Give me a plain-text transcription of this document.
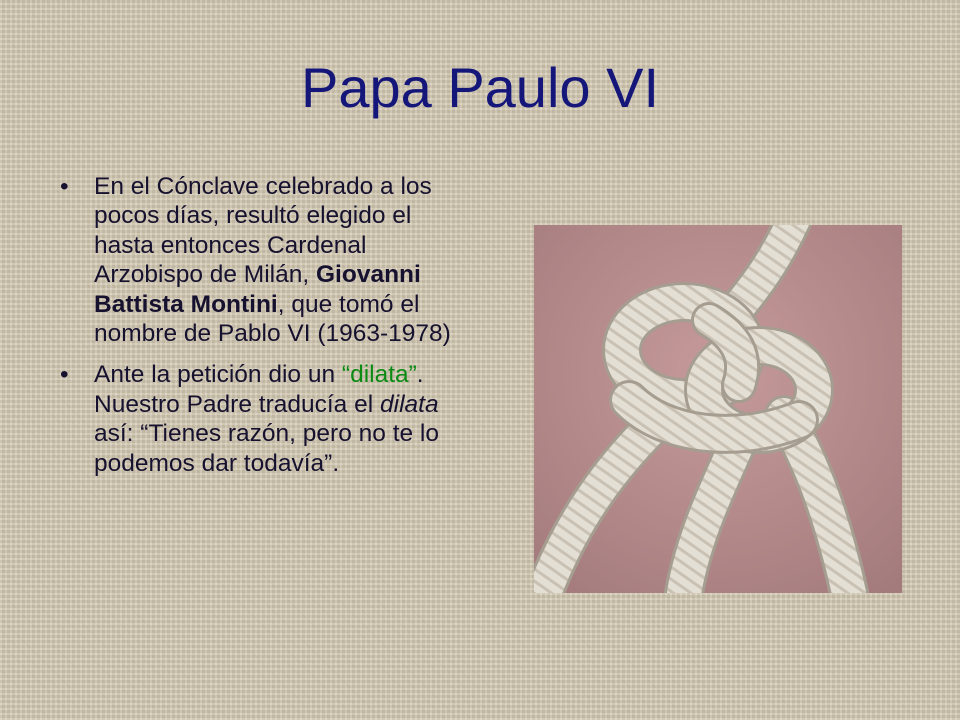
Papa Paulo VI
• En el Cónclave celebrado a los pocos días, resultó elegido el hasta entonces Cardenal Arzobispo de Milán, Giovanni Battista Montini, que tomó el nombre de Pablo VI (1963-1978)
• Ante la petición dio un “dilata”. Nuestro Padre traducía el dilata así: “Tienes razón, pero no te lo podemos dar todavía”.
